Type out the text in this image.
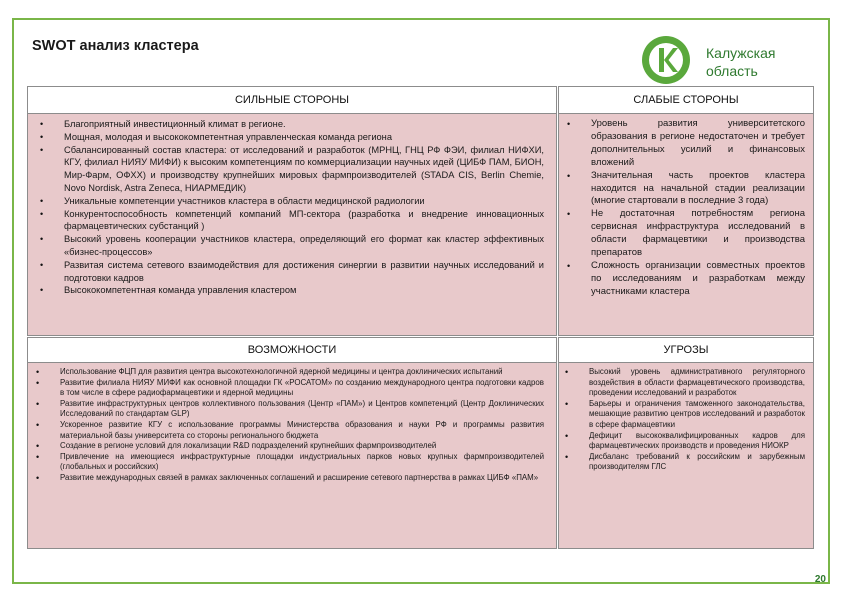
SWOT анализ кластера	Калужская
область
СИЛЬНЫЕ СТОРОНЫ
• Благоприятный инвестиционный климат в регионе.
• Мощная, молодая и высококомпетентная управленческая команда региона
• Сбалансированный состав кластера: от исследований и разработок (МРНЦ, ГНЦ РФ ФЭИ, филиал НИФХИ, КГУ, филиал НИЯУ МИФИ) к высоким компетенциям по коммерциализации научных идей (ЦИБФ ПАМ, БИОН, Мир-Фарм, ОФХХ) и производству крупнейших мировых фармпроизводителей (STADA CIS, Berlin Chemie, Novo Nordisk, Astra Zeneca, НИАРМЕДИК)
• Уникальные компетенции участников кластера в области медицинской радиологии
• Конкурентоспособность компетенций компаний МП-сектора (разработка и внедрение инновационных фармацевтических субстанций )
• Высокий уровень кооперации участников кластера, определяющий его формат как кластер эффективных «бизнес-процессов»
• Развитая система сетевого взаимодействия для достижения синергии в развитии научных исследований и подготовки кадров
• Высококомпетентная команда управления кластером
СЛАБЫЕ СТОРОНЫ
• Уровень развития университетского образования в регионе недостаточен и требует дополнительных усилий и финансовых вложений
• Значительная часть проектов кластера находится на начальной стадии реализации (многие стартовали в последние 3 года)
• Не достаточная потребностям региона сервисная инфраструктура исследований в области фармацевтики и производства препаратов
• Сложность организации совместных проектов по исследованиям и разработкам между участниками кластера
ВОЗМОЖНОСТИ
• Использование ФЦП для развития центра высокотехнологичной ядерной медицины и центра доклинических испытаний
• Развитие филиала НИЯУ МИФИ как основной площадки ГК «РОСАТОМ» по созданию международного центра подготовки кадров в том числе в сфере радиофармацевтики и ядерной медицины
• Развитие инфраструктурных центров коллективного пользования (Центр «ПАМ») и Центров компетенций (Центр Доклинических Исследований по стандартам GLP)
• Ускоренное развитие КГУ с использование программы Министерства образования и науки РФ и программы развития материальной базы университета со стороны регионального бюджета
• Создание в регионе условий для локализации R&D подразделений крупнейших фармпроизводителей
• Привлечение на имеющиеся инфраструктурные площадки индустриальных парков новых крупных фармпроизводителей (глобальных и российских)
• Развитие международных связей в рамках заключенных соглашений и расширение сетевого партнерства в рамках ЦИБФ «ПАМ»
УГРОЗЫ
• Высокий уровень административного регуляторного воздействия в области фармацевтического производства, проведении исследований и разработок
• Барьеры и ограничения таможенного законодательства, мешающие развитию центров исследований и разработок в сфере фармацевтики
• Дефицит высококвалифицированных кадров для фармацевтических производств и проведения НИОКР
• Дисбаланс требований к российским и зарубежным производителям ГЛС
20
